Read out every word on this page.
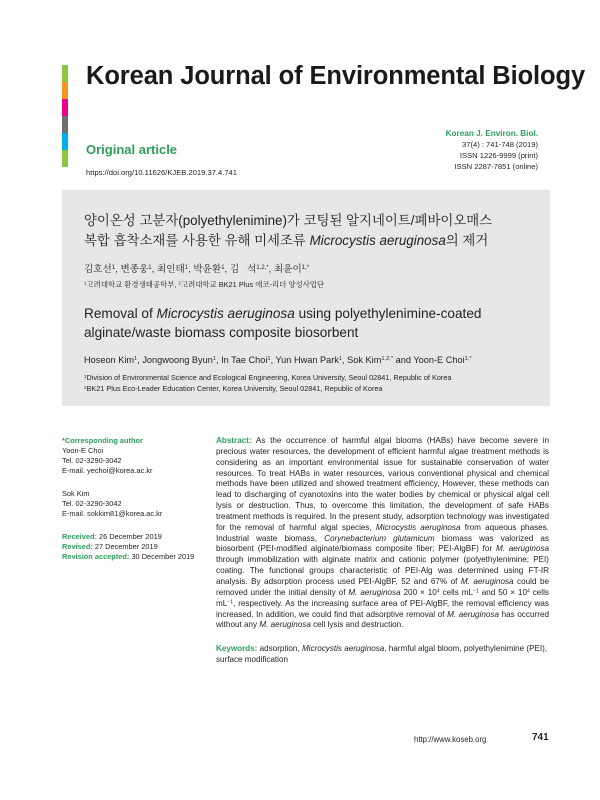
Korean Journal of Environmental Biology
Original article
https://doi.org/10.11626/KJEB.2019.37.4.741
Korean J. Environ. Biol.
37(4) : 741-748 (2019)
ISSN 1226-9999 (print)
ISSN 2287-7851 (online)
양이온성 고분자(polyethylenimine)가 코팅된 알지네이트/폐바이오매스
복합 흡착소재를 사용한 유해 미세조류 Microcystis aeruginosa의 제거
김호선$^1$, 변종웅$^1$, 최인태$^1$, 박윤환$^1$, 김   석$^{1,2,*}$, 최윤이$^{1,*}$
$^1$고려대학교 환경생태공학부, $^2$고려대학교 BK21 Plus 에코-리더 양성사업단
Removal of Microcystis aeruginosa using polyethylenimine-coated
alginate/waste biomass composite biosorbent
Hoseon Kim$^1$, Jongwoong Byun$^1$, In Tae Choi$^1$, Yun Hwan Park$^1$, Sok Kim$^{1,2,*}$ and Yoon-E Choi$^{1,*}$
$^1$Division of Environmental Science and Ecological Engineering, Korea University, Seoul 02841, Republic of Korea
$^2$BK21 Plus Eco-Leader Education Center, Korea University, Seoul 02841, Republic of Korea
*Corresponding author
Yoon-E Choi
Tel. 02-3290-3042
E-mail. yechoi@korea.ac.kr
Sok Kim
Tel. 02-3290-3042
E-mail. sokkim81@korea.ac.kr
Received: 26 December 2019
Revised: 27 December 2019
Revision accepted: 30 December 2019
Abstract: As the occurrence of harmful algal blooms (HABs) have become severe in precious water resources, the development of efficient harmful algae treatment methods is considering as an important environmental issue for sustainable conservation of water resources. To treat HABs in water resources, various conventional physical and chemical methods have been utilized and showed treatment efficiency, However, these methods can lead to discharging of cyanotoxins into the water bodies by chemical or physical algal cell lysis or destruction. Thus, to overcome this limitation, the development of safe HABs treatment methods is required. In the present study, adsorption technology was investigated for the removal of harmful algal species, Microcystis aeruginosa from aqueous phases. Industrial waste biomass, Corynebacterium glutamicum biomass was valorized as biosorbent (PEI-modified alginate/biomass composite fiber; PEI-AlgBF) for M. aeruginosa through immobilization with alginate matrix and cationic polymer (polyethylenimine; PEI) coating. The functional groups characteristic of PEI-Alg was determined using FT-IR analysis. By adsorption process used PEI-AlgBF, 52 and 67% of M. aeruginosa could be removed under the initial density of M. aeruginosa $200 \times 10^4$ cells $mL^{-1}$ and $50 \times 10^4$ cells $mL^{-1}$, respectively. As the increasing surface area of PEI-AlgBF, the removal efficiency was increased. In addition, we could find that adsorptive removal of M. aeruginosa has occurred without any M. aeruginosa cell lysis and destruction.
Keywords: adsorption, Microcystis aeruginosa, harmful algal bloom, polyethylenimine (PEI), surface modification
http://www.koseb.org	741
